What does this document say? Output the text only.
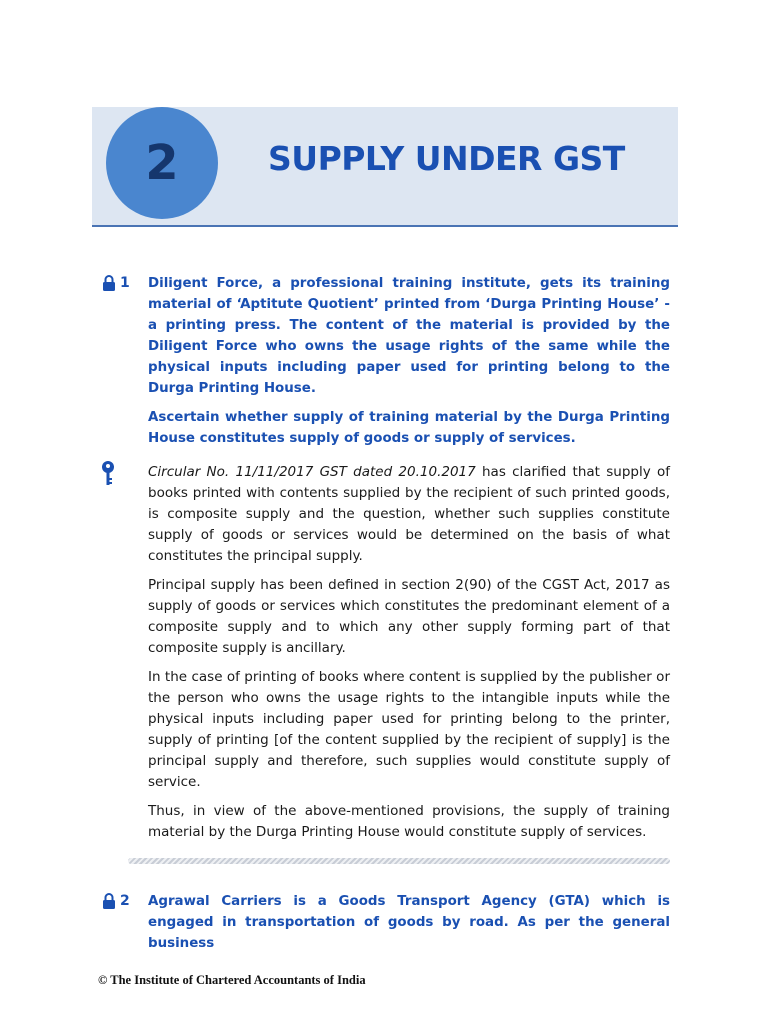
2	SUPPLY UNDER GST
1 Diligent Force, a professional training institute, gets its training material of ‘Aptitute Quotient’ printed from ‘Durga Printing House’ - a printing press. The content of the material is provided by the Diligent Force who owns the usage rights of the same while the physical inputs including paper used for printing belong to the Durga Printing House.

Ascertain whether supply of training material by the Durga Printing House constitutes supply of goods or supply of services.

Circular No. 11/11/2017 GST dated 20.10.2017 has clarified that supply of books printed with contents supplied by the recipient of such printed goods, is composite supply and the question, whether such supplies constitute supply of goods or services would be determined on the basis of what constitutes the principal supply.

Principal supply has been defined in section 2(90) of the CGST Act, 2017 as supply of goods or services which constitutes the predominant element of a composite supply and to which any other supply forming part of that composite supply is ancillary.

In the case of printing of books where content is supplied by the publisher or the person who owns the usage rights to the intangible inputs while the physical inputs including paper used for printing belong to the printer, supply of printing [of the content supplied by the recipient of supply] is the principal supply and therefore, such supplies would constitute supply of service.

Thus, in view of the above-mentioned provisions, the supply of training material by the Durga Printing House would constitute supply of services.

2 Agrawal Carriers is a Goods Transport Agency (GTA) which is engaged in transportation of goods by road. As per the general business

© The Institute of Chartered Accountants of India
